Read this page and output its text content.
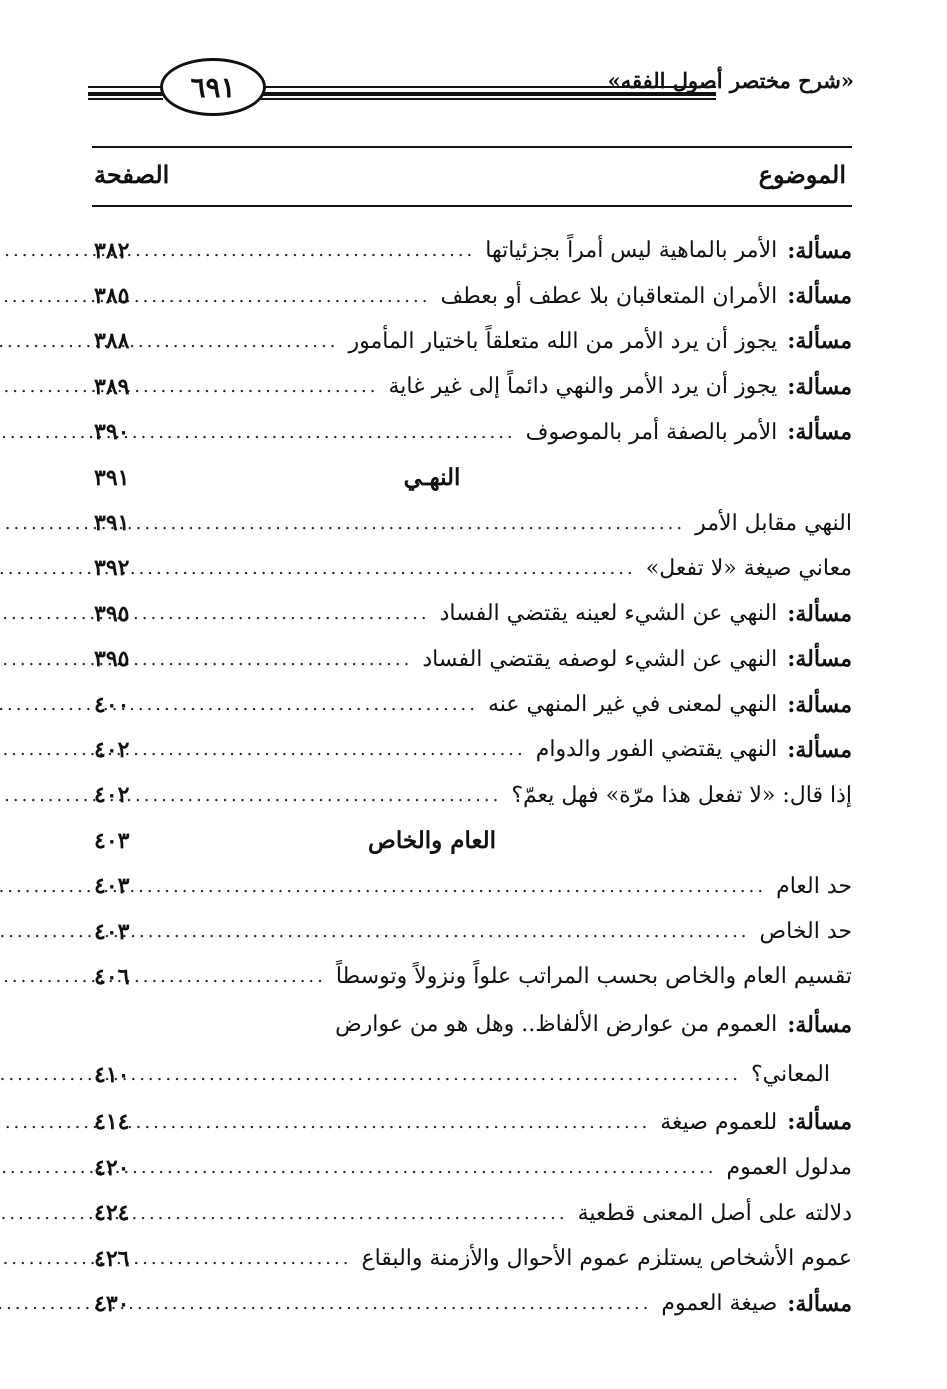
٦٩١	«شرح مختصر أصول الفقه»
الموضوع
الصفحة
مسألة:
الأمر بالماهية ليس أمراً بجزئياتها
.....
٣٨٢
مسألة:
الأمران المتعاقبان بلا عطف أو بعطف
.....
٣٨٥
مسألة:
يجوز أن يرد الأمر من الله متعلقاً باختيار المأمور
.....
٣٨٨
مسألة:
يجوز أن يرد الأمر والنهي دائماً إلى غير غاية
.....
٣٨٩
مسألة:
الأمر بالصفة أمر بالموصوف
.....
٣٩٠
النهـي
٣٩١
النهي مقابل الأمر
.....
٣٩١
معاني صيغة «لا تفعل»
.....
٣٩٢
مسألة:
النهي عن الشيء لعينه يقتضي الفساد
.....
٣٩٥
مسألة:
النهي عن الشيء لوصفه يقتضي الفساد
.....
٣٩٥
مسألة:
النهي لمعنى في غير المنهي عنه
.....
٤٠٠
مسألة:
النهي يقتضي الفور والدوام
.....
٤٠٢
إذا قال: «لا تفعل هذا مرّة» فهل يعمّ؟
.....
٤٠٢
العام والخاص
٤٠٣
حد العام
.....
٤٠٣
حد الخاص
.....
٤٠٣
تقسيم العام والخاص بحسب المراتب علواً ونزولاً وتوسطاً
.....
٤٠٦
مسألة:
العموم من عوارض الألفاظ.. وهل هو من عوارض
المعاني؟
.....
٤١٠
مسألة:
للعموم صيغة
.....
٤١٤
مدلول العموم
.....
٤٢٠
دلالته على أصل المعنى قطعية
.....
٤٢٤
عموم الأشخاص يستلزم عموم الأحوال والأزمنة والبقاع
.....
٤٢٦
مسألة:
صيغة العموم
.....
٤٣٠
